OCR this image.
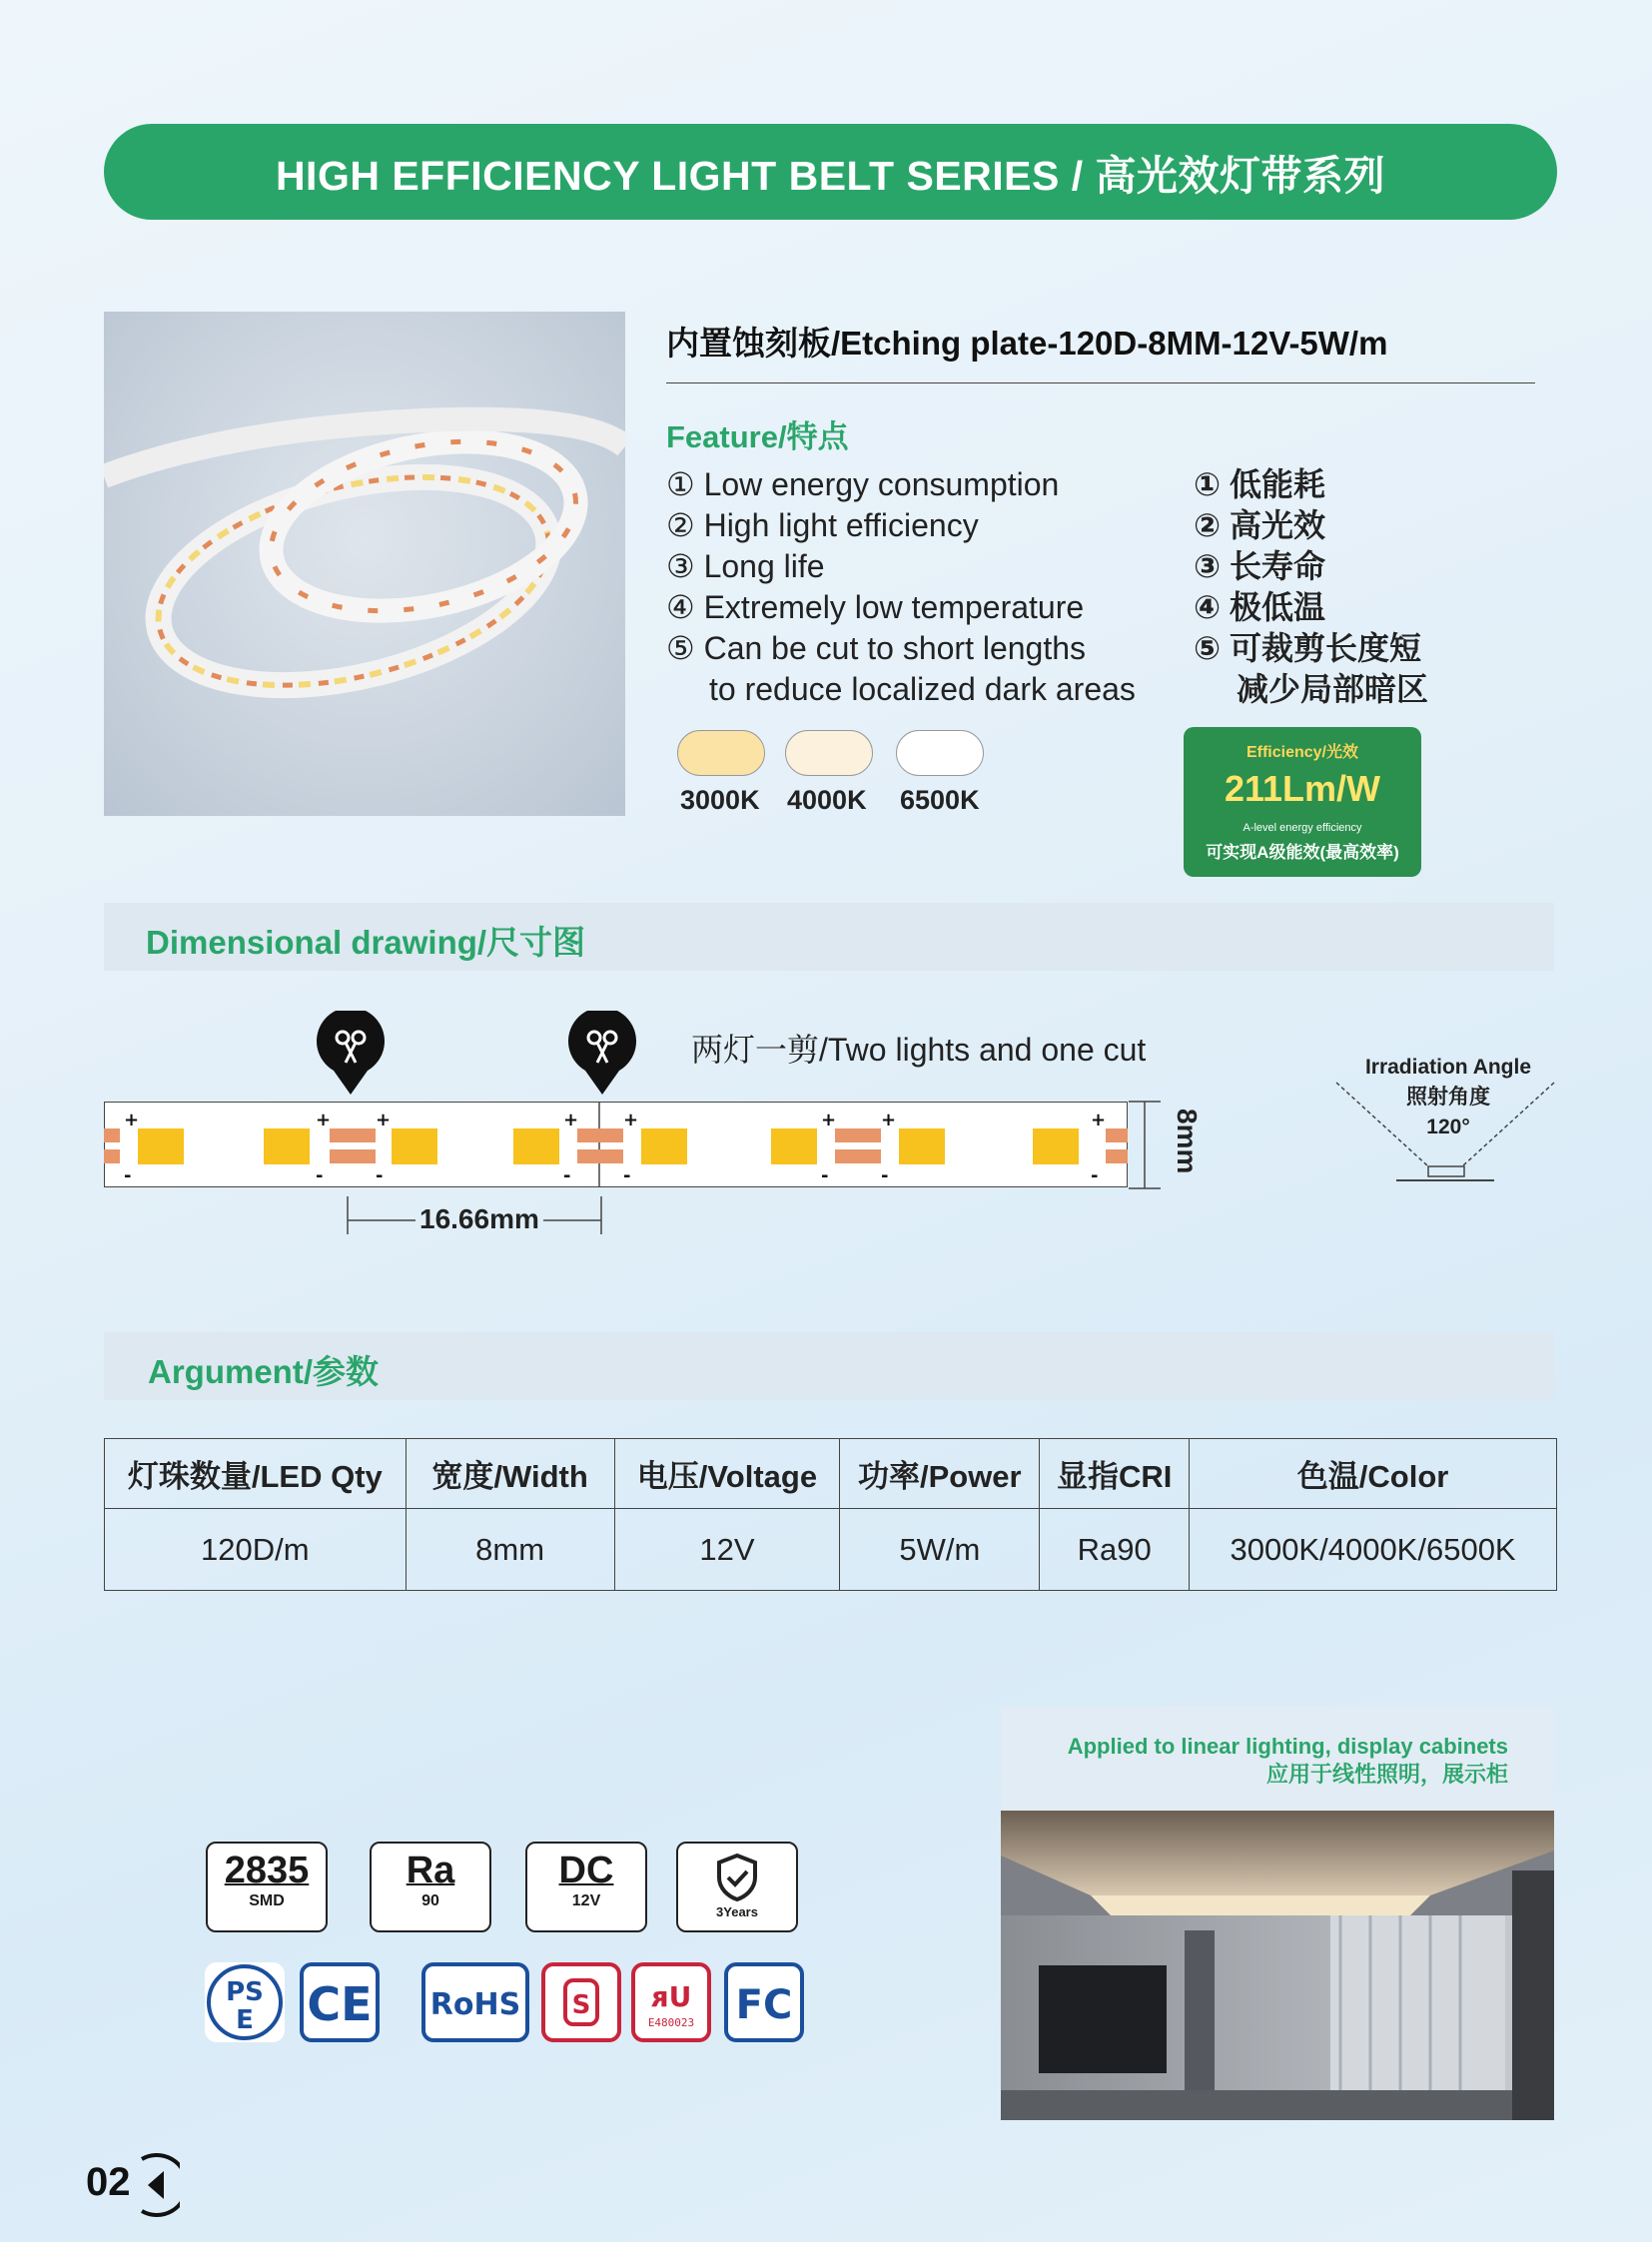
HIGH EFFICIENCY LIGHT BELT SERIES / 高光效灯带系列
内置蚀刻板/Etching plate-120D-8MM-12V-5W/m
Feature/特点
① Low energy consumption
② High light efficiency
③ Long life
④ Extremely low temperature
⑤ Can be cut to short lengths
to reduce localized dark areas
① 低能耗
② 高光效
③ 长寿命
④ 极低温
⑤ 可裁剪长度短
减少局部暗区
3000K 4000K 6500K
Efficiency/光效
211Lm/W
A-level energy efficiency
可实现A级能效(最高效率)
Dimensional drawing/尺寸图
两灯一剪/Two lights and one cut
+
-
+ +
-	-
+ +
-	-
+ +
-	-
+
-
8mm
16.66mm
Irradiation Angle
照射角度
120°
Argument/参数
灯珠数量/LED Qty	宽度/Width	电压/Voltage	功率/Power	显指CRI	色温/Color
120D/m	8mm	12V	5W/m	Ra90	3000K/4000K/6500K
Applied to linear lighting, display cabinets
应用于线性照明，展示柜
2835
SMD
Ra
90
DC
12V
3Years
PS
E CE RoHS S ᴙU
E480023 FC
02
